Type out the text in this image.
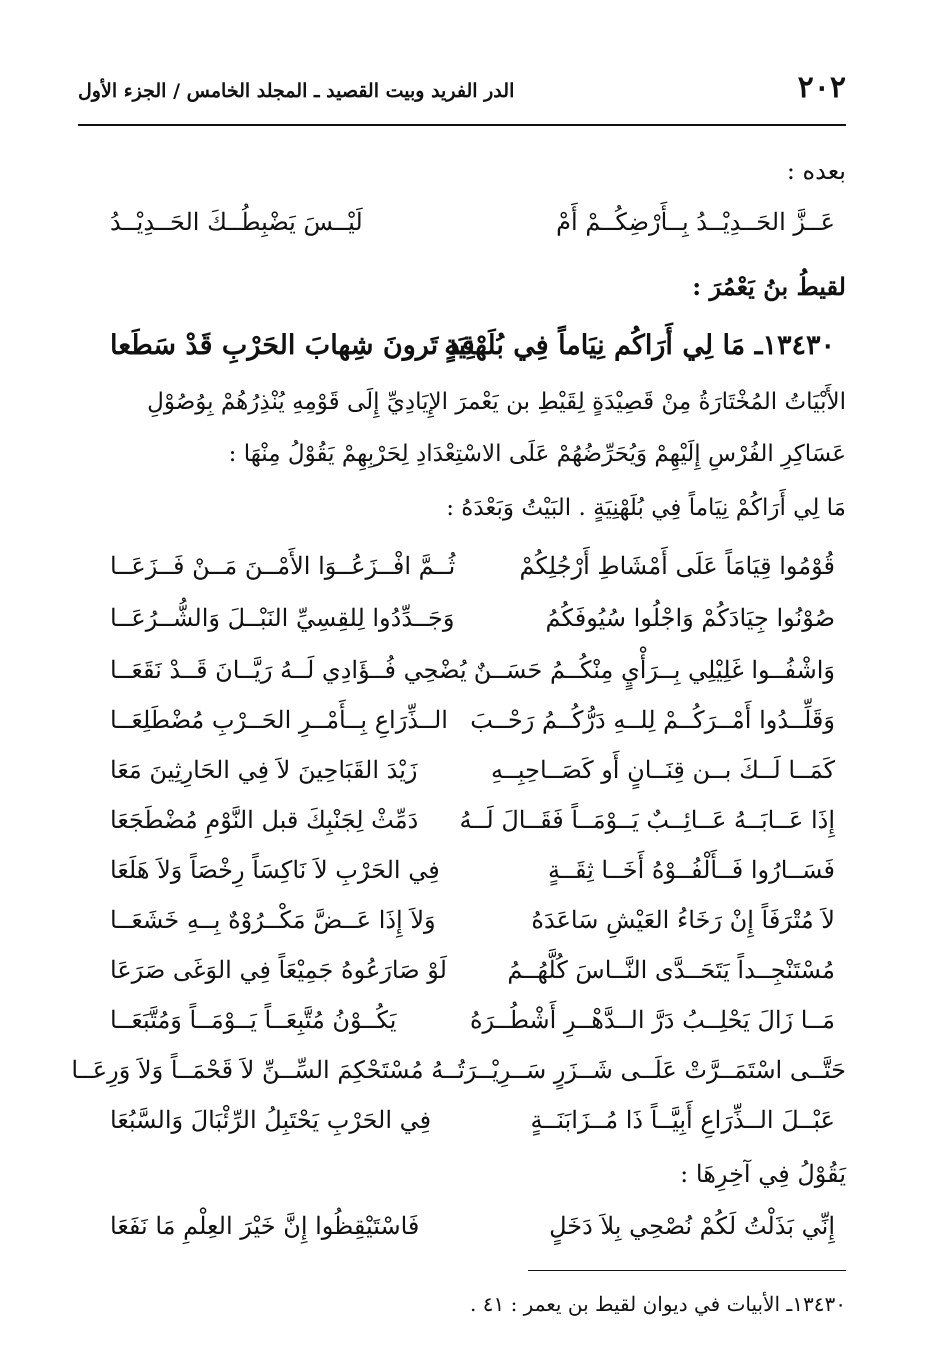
٢٠٢
الدر الفريد وبيت القصيد ـ المجلد الخامس / الجزء الأول
بعده :
عَــزَّ الحَــدِيْــدُ بِــأَرْضِكُــمْ أَمْ
لَيْــسَ يَضْبِطُــكَ الحَــدِيْــدُ
لقيطُ بنُ يَعْمُرَ :
١٣٤٣٠ـ مَا لِي أَرَاكُم نِيَاماً فِي بُلَهْنِيَةٍ
قد تَرونَ شِهابَ الحَرْبِ قَدْ سَطَعا
الأَبْيَاتُ المُخْتَارَةُ مِنْ قَصِيْدَةٍ لِقَيْطِ بن يَعْمرَ الإِيَادِيِّ إِلَى قَوْمِهِ يُنْذِرُهُمْ بِوُصُوْلِ
عَسَاكِرِ الفُرْسِ إِلَيْهِمْ وَيُحَرِّضُهُمْ عَلَى الاسْتِعْدَادِ لِحَرْبِهِمْ يَقُوْلُ مِنْهَا :
مَا لِي أَرَاكُمْ نِيَاماً فِي بُلَهْنِيَةٍ . البَيْتُ وَبَعْدَهُ :
قُوْمُوا قِيَامَاً عَلَى أَمْشَاطِ أَرْجُلِكُمْ
ثُــمَّ افْــزَعُــوَا الأَمْــنَ مَــنْ فَــزَعَــا
صُوْنُوا جِيَادَكُمْ وَاجْلُوا سُيُوفَكُمُ
وَجَــدِّدُوا لِلقِسِيِّ النَبْــلَ وَالشُّــرُعَــا
وَاشْفُــوا غَلِيْلِي بِــرَأْيٍ مِنْكُــمُ حَسَــنٌ
يُضْحِي فُــؤَادِي لَــهُ رَيَّــانَ قَــدْ نَقَعَــا
وَقَلِّــدُوا أَمْــرَكُــمْ لِلــهِ دَرُّكُــمُ رَحْــبَ
الــذِّرَاعِ بِــأَمْــرِ الحَــرْبِ مُضْطَلِعَــا
كَمَــا لَــكَ بــن قِنَــانٍ أَو كَصَــاحِبِــهِ
زَيْدَ القَبَاحِينَ لاَ فِي الحَارِثِينَ مَعَا
إِذَا عَــابَــهُ عَــائِــبٌ يَــوْمَــاً فَقَــالَ لَــهُ
دَمِّثْ لِجَنْبِكَ قبل النَّوْمِ مُضْطَجَعَا
فَسَــارُوا فَــأَلْفُــوْهُ أَخَــا ثِقَــةٍ
فِي الحَرْبِ لاَ نَاكِسَاً رِخْصَاً وَلاَ هَلَعَا
لاَ مُتْرَفَاً إِنْ رَخَاءُ العَيْشِ سَاعَدَهُ
وَلاَ إِذَا عَــضَّ مَكْــرُوْهٌ بِــهِ خَشَعَــا
مُسْتَنْجِــداً يَتَحَــدَّى النَّــاسَ كُلَّهُــمُ
لَوْ صَارَعُوهُ جَمِيْعَاً فِي الوَغَى صَرَعَا
مَــا زَالَ يَحْلِــبُ دَرَّ الــدَّهْــرِ أَشْطُــرَهُ
يَكُــوْنُ مُتَّبِعَــاً يَــوْمَــاً وَمُتَّبَعَــا
حَتَّــى اسْتَمَــرَّتْ عَلَــى شَــزَرٍ سَــرِيْــرَتُــهُ مُسْتَحْكِمَ السِّــنِّ لاَ قَحْمَــاً وَلاَ وَرِعَــا
عَبْــلَ الــذِّرَاعِ أَبِيَّــاً ذَا مُــزَابَنَــةٍ
فِي الحَرْبِ يَحْتَبِلُ الرِّئْبَالَ وَالسَّبُعَا
يَقُوْلُ فِي آخِرِهَا :
إِنِّي بَذَلْتُ لَكُمْ نُصْحِي بِلاَ دَخَلٍ
فَاسْتَيْقِظُوا إِنَّ خَيْرَ العِلْمِ مَا نَفَعَا
١٣٤٣٠ـ الأبيات في ديوان لقيط بن يعمر : ٤١ .
